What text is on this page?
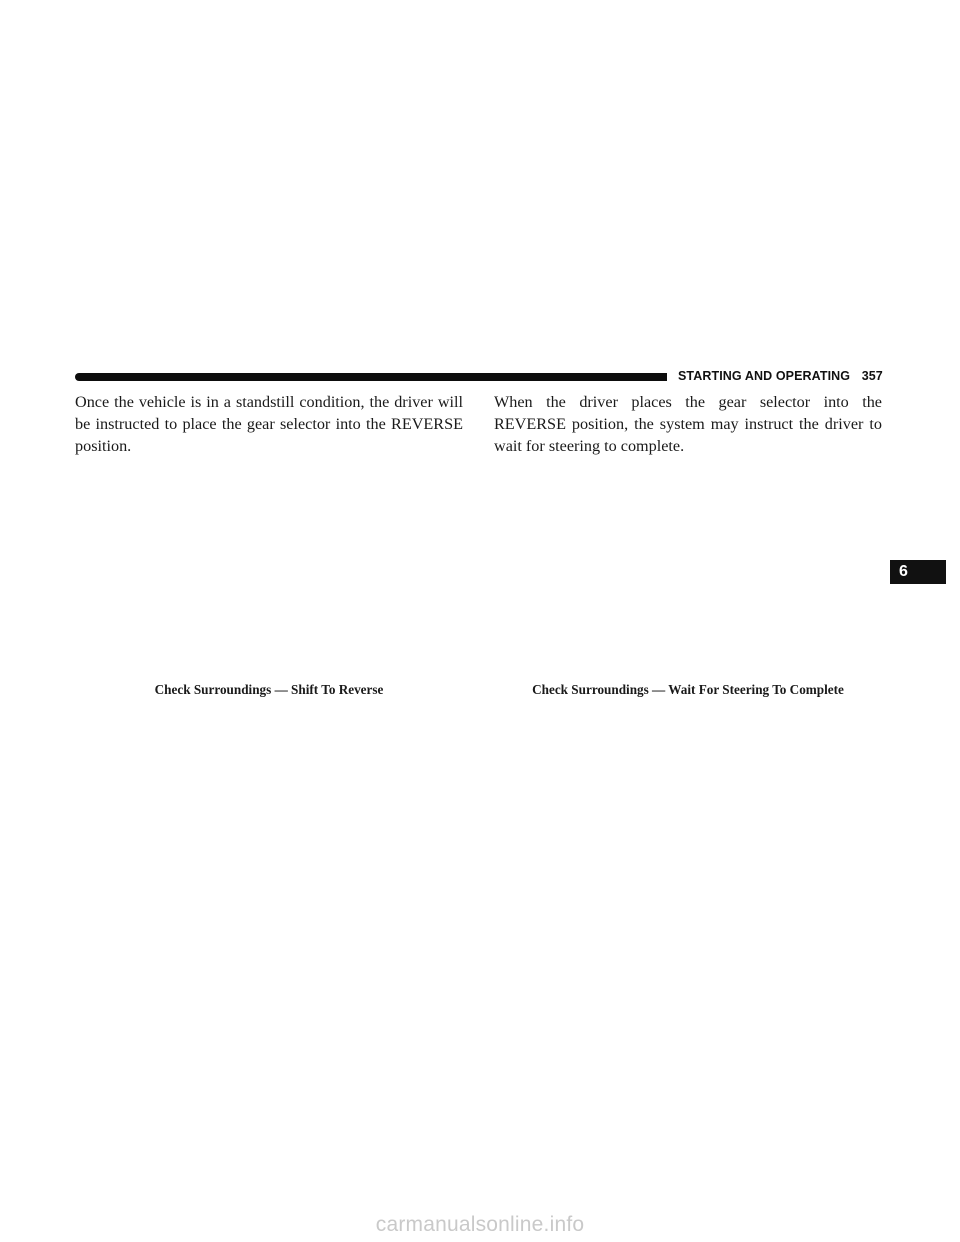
STARTING AND OPERATING 357
Once the vehicle is in a standstill condition, the driver will be instructed to place the gear selector into the REVERSE position.
When the driver places the gear selector into the REVERSE position, the system may instruct the driver to wait for steering to complete.
Check Surroundings — Shift To Reverse	Check Surroundings — Wait For Steering To Complete
6
carmanualsonline.info
